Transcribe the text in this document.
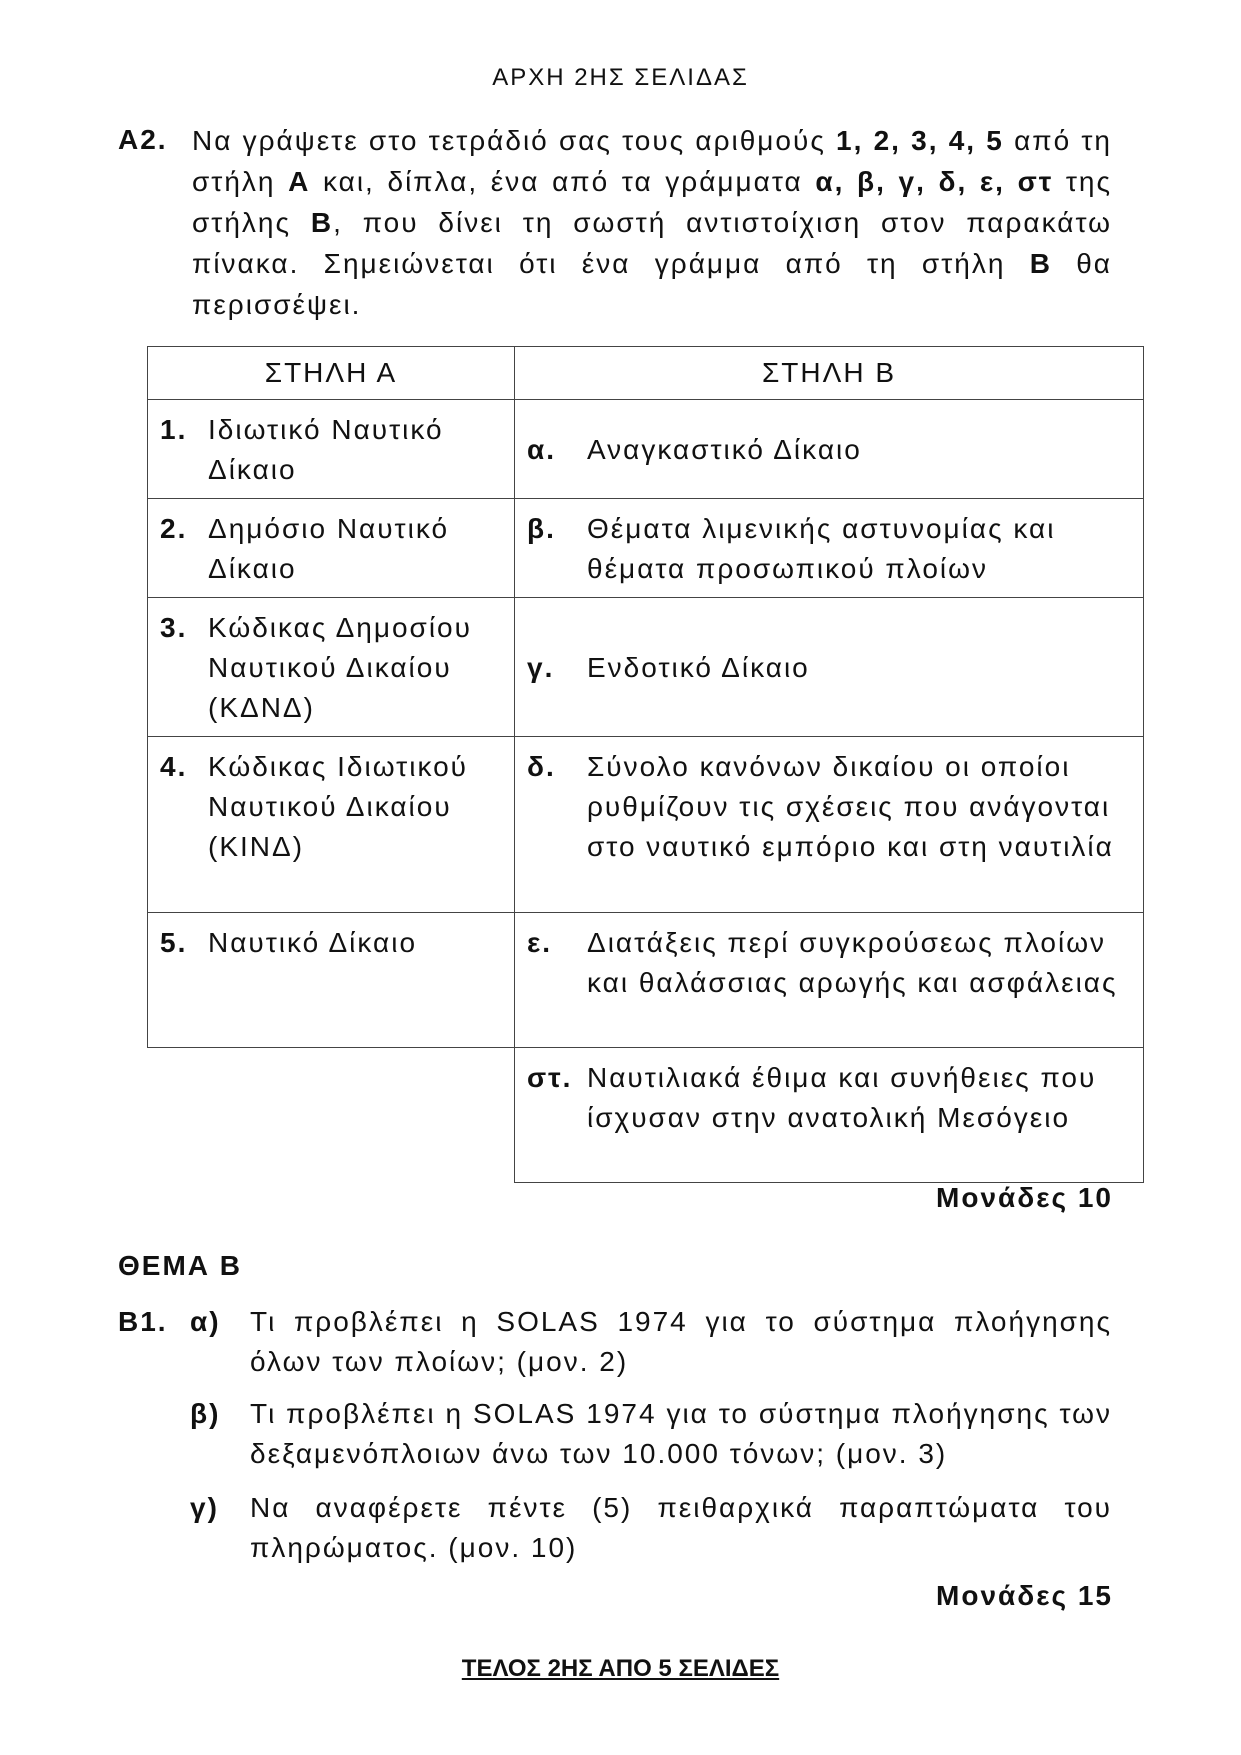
ΑΡΧΗ 2ΗΣ ΣΕΛΙΔΑΣ
Α2. Να γράψετε στο τετράδιό σας τους αριθμούς 1, 2, 3, 4, 5 από τη στήλη Α και, δίπλα, ένα από τα γράμματα α, β, γ, δ, ε, στ της στήλης Β, που δίνει τη σωστή αντιστοίχιση στον παρακάτω πίνακα. Σημειώνεται ότι ένα γράμμα από τη στήλη Β θα περισσέψει.
ΣΤΗΛΗ Α	ΣΤΗΛΗ Β

1. Ιδιωτικό Ναυτικό Δίκαιο	α. Αναγκαστικό Δίκαιο

2. Δημόσιο Ναυτικό Δίκαιο	β. Θέματα λιμενικής αστυνομίας και θέματα προσωπικού πλοίων

3. Κώδικας Δημοσίου Ναυτικού Δικαίου (ΚΔΝΔ)	γ. Ενδοτικό Δίκαιο

4. Κώδικας Ιδιωτικού Ναυτικού Δικαίου (ΚΙΝΔ)	δ. Σύνολο κανόνων δικαίου οι οποίοι ρυθμίζουν τις σχέσεις που ανάγονται στο ναυτικό εμπόριο και στη ναυτιλία

5. Ναυτικό Δίκαιο	ε. Διατάξεις περί συγκρούσεως πλοίων και θαλάσσιας αρωγής και ασφάλειας

	στ. Ναυτιλιακά έθιμα και συνήθειες που ίσχυσαν στην ανατολική Μεσόγειο
Μονάδες 10
ΘΕΜΑ Β
Β1. α) Τι προβλέπει η SOLAS 1974 για το σύστημα πλοήγησης όλων των πλοίων; (μον. 2)
β) Τι προβλέπει η SOLAS 1974 για το σύστημα πλοήγησης των δεξαμενόπλοιων άνω των 10.000 τόνων; (μον. 3)
γ) Να αναφέρετε πέντε (5) πειθαρχικά παραπτώματα του πληρώματος. (μον. 10)
Μονάδες 15
ΤΕΛΟΣ 2ΗΣ ΑΠΟ 5 ΣΕΛΙΔΕΣ
